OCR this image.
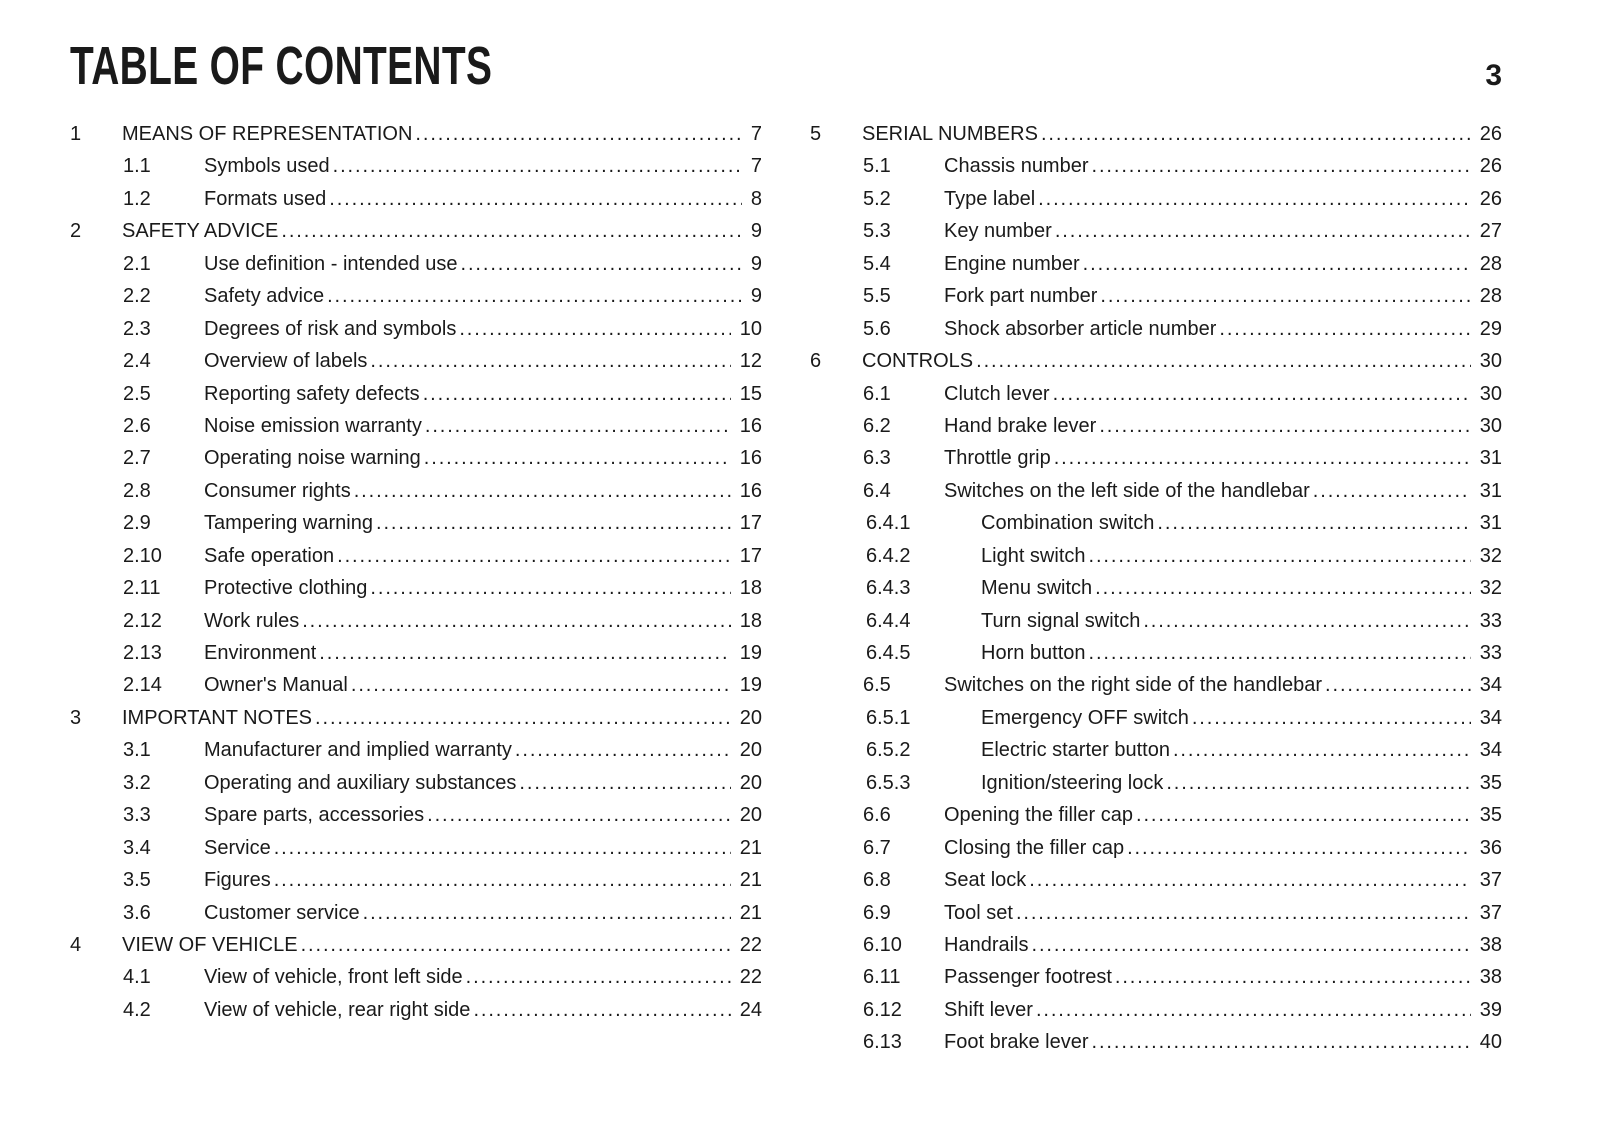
TABLE OF CONTENTS	3
1	MEANS OF REPRESENTATION .....	7
1.1	Symbols used .....	7
1.2	Formats used .....	8
2	SAFETY ADVICE .....	9
2.1	Use definition - intended use .....	9
2.2	Safety advice .....	9
2.3	Degrees of risk and symbols .....	10
2.4	Overview of labels .....	12
2.5	Reporting safety defects .....	15
2.6	Noise emission warranty .....	16
2.7	Operating noise warning .....	16
2.8	Consumer rights .....	16
2.9	Tampering warning .....	17
2.10	Safe operation .....	17
2.11	Protective clothing .....	18
2.12	Work rules .....	18
2.13	Environment .....	19
2.14	Owner's Manual .....	19
3	IMPORTANT NOTES .....	20
3.1	Manufacturer and implied warranty .....	20
3.2	Operating and auxiliary substances .....	20
3.3	Spare parts, accessories .....	20
3.4	Service .....	21
3.5	Figures .....	21
3.6	Customer service .....	21
4	VIEW OF VEHICLE .....	22
4.1	View of vehicle, front left side .....	22
4.2	View of vehicle, rear right side .....	24
5	SERIAL NUMBERS .....	26
5.1	Chassis number .....	26
5.2	Type label .....	26
5.3	Key number .....	27
5.4	Engine number .....	28
5.5	Fork part number .....	28
5.6	Shock absorber article number .....	29
6	CONTROLS .....	30
6.1	Clutch lever .....	30
6.2	Hand brake lever .....	30
6.3	Throttle grip .....	31
6.4	Switches on the left side of the handlebar .....	31
6.4.1	Combination switch .....	31
6.4.2	Light switch .....	32
6.4.3	Menu switch .....	32
6.4.4	Turn signal switch .....	33
6.4.5	Horn button .....	33
6.5	Switches on the right side of the handlebar .....	34
6.5.1	Emergency OFF switch .....	34
6.5.2	Electric starter button .....	34
6.5.3	Ignition/steering lock .....	35
6.6	Opening the filler cap .....	35
6.7	Closing the filler cap .....	36
6.8	Seat lock .....	37
6.9	Tool set .....	37
6.10	Handrails .....	38
6.11	Passenger footrest .....	38
6.12	Shift lever .....	39
6.13	Foot brake lever .....	40
